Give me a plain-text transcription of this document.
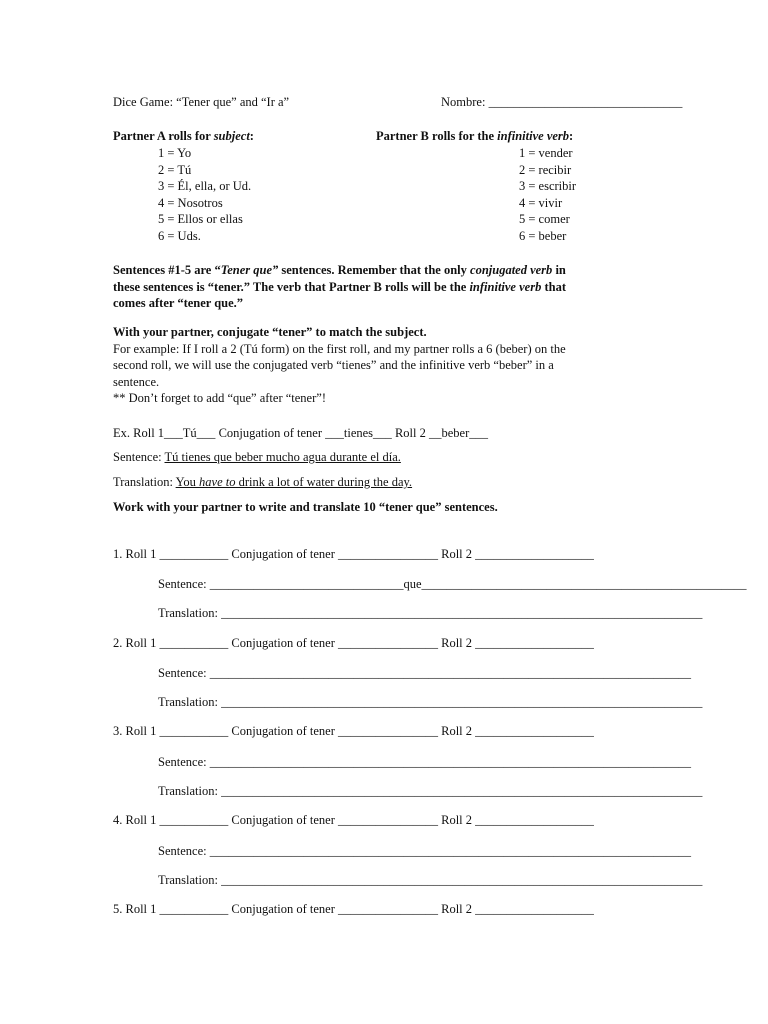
Dice Game: “Tener que” and “Ir a”	Nombre: _______________________________
Partner A rolls for subject:
1 = Yo
2 = Tú
3 = Él, ella, or Ud.
4 = Nosotros
5 = Ellos or ellas
6 = Uds.
Partner B rolls for the infinitive verb:
1 = vender
2 = recibir
3 = escribir
4 = vivir
5 = comer
6 = beber
Sentences #1-5 are “Tener que” sentences. Remember that the only conjugated verb in
these sentences is “tener.” The verb that Partner B rolls will be the infinitive verb that
comes after “tener que.”
With your partner, conjugate “tener” to match the subject.
For example: If I roll a 2 (Tú form) on the first roll, and my partner rolls a 6 (beber) on the
second roll, we will use the conjugated verb “tienes” and the infinitive verb “beber” in a
sentence.
** Don’t forget to add “que” after “tener”!
Ex. Roll 1___Tú___ Conjugation of tener ___tienes___ Roll 2 __beber___
Sentence: Tú tienes que beber mucho agua durante el día.
Translation: You have to drink a lot of water during the day.
Work with your partner to write and translate 10 “tener que” sentences.
1. Roll 1 ___________ Conjugation of tener ________________ Roll 2 ___________________
Sentence: _______________________________que____________________________________________________
Translation: _____________________________________________________________________________
2. Roll 1 ___________ Conjugation of tener ________________ Roll 2 ___________________
Sentence: _____________________________________________________________________________
Translation: _____________________________________________________________________________
3. Roll 1 ___________ Conjugation of tener ________________ Roll 2 ___________________
Sentence: _____________________________________________________________________________
Translation: _____________________________________________________________________________
4. Roll 1 ___________ Conjugation of tener ________________ Roll 2 ___________________
Sentence: _____________________________________________________________________________
Translation: _____________________________________________________________________________
5. Roll 1 ___________ Conjugation of tener ________________ Roll 2 ___________________
